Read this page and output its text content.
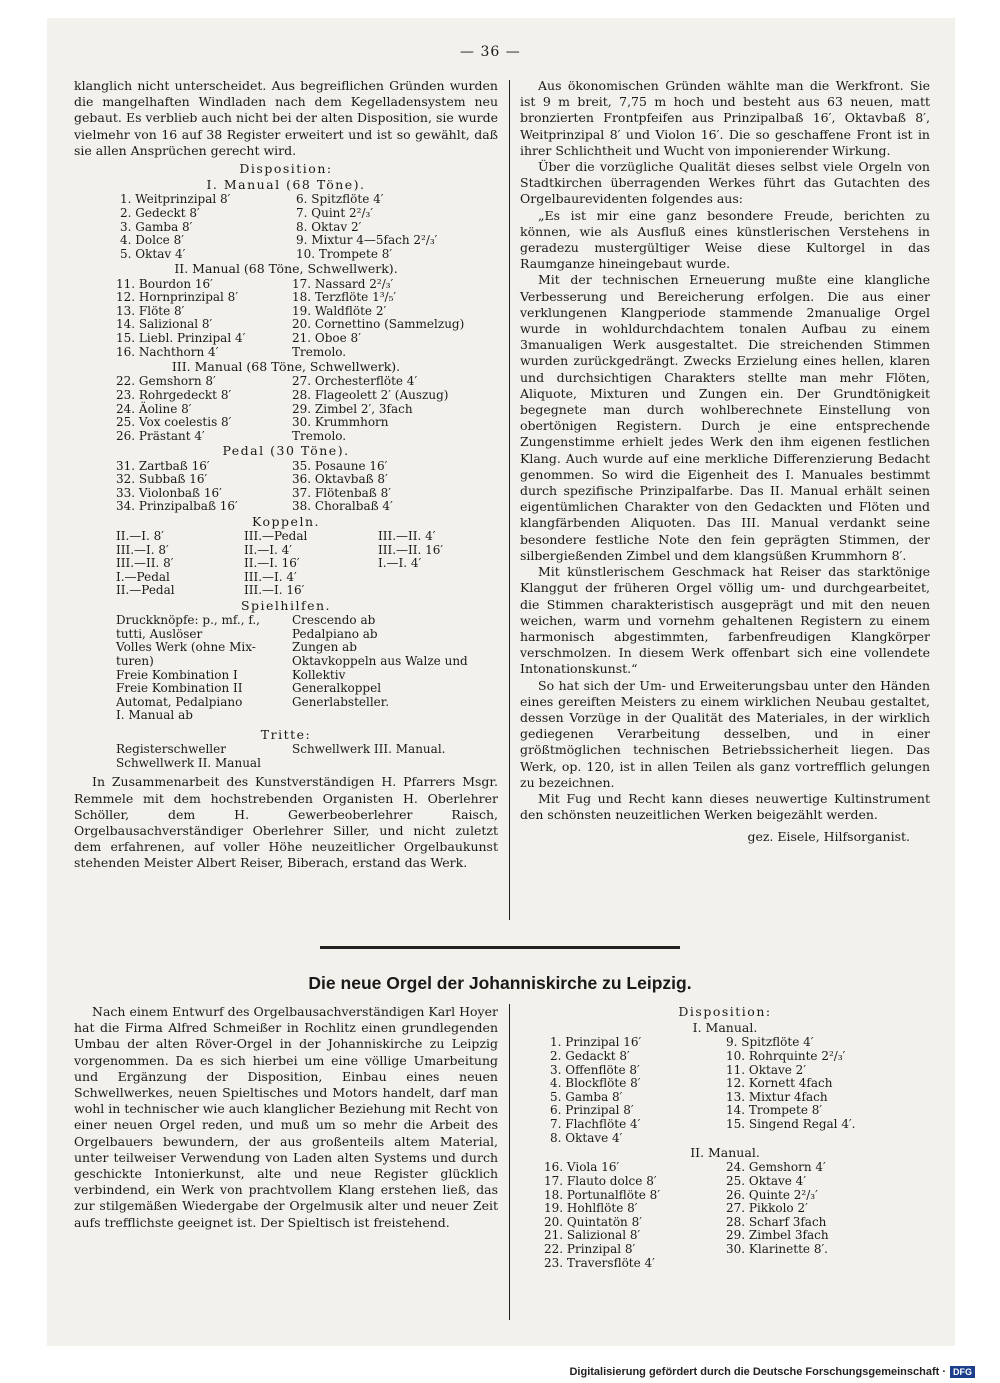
— 36 —

klanglich nicht unterscheidet. Aus begreiflichen Gründen wurden die mangelhaften Windladen nach dem Kegelladensystem neu gebaut. Es verblieb auch nicht bei der alten Disposition, sie wurde vielmehr von 16 auf 38 Register erweitert und ist so gewählt, daß sie allen Ansprüchen gerecht wird.

Disposition:
I. Manual (68 Töne).
1. Weitprinzipal 8′	6. Spitzflöte 4′
2. Gedeckt 8′	7. Quint 2²/₃′
3. Gamba 8′	8. Oktav 2′
4. Dolce 8′	9. Mixtur 4—5fach 2²/₃′
5. Oktav 4′	10. Trompete 8′
II. Manual (68 Töne, Schwellwerk).
11. Bourdon 16′	17. Nassard 2²/₃′
12. Hornprinzipal 8′	18. Terzflöte 1³/₅′
13. Flöte 8′	19. Waldflöte 2′
14. Salizional 8′	20. Cornettino (Sammelzug)
15. Liebl. Prinzipal 4′	21. Oboe 8′
16. Nachthorn 4′	Tremolo.
III. Manual (68 Töne, Schwellwerk).
22. Gemshorn 8′	27. Orchesterflöte 4′
23. Rohrgedeckt 8′	28. Flageolett 2′ (Auszug)
24. Äoline 8′	29. Zimbel 2′, 3fach
25. Vox coelestis 8′	30. Krummhorn
26. Prästant 4′	Tremolo.
Pedal (30 Töne).
31. Zartbaß 16′	35. Posaune 16′
32. Subbaß 16′	36. Oktavbaß 8′
33. Violonbaß 16′	37. Flötenbaß 8′
34. Prinzipalbaß 16′	38. Choralbaß 4′
Koppeln.
II.—I. 8′	III.—Pedal	III.—II. 4′
III.—I. 8′	II.—I. 4′	III.—II. 16′
III.—II. 8′	II.—I. 16′	I.—I. 4′
I.—Pedal	III.—I. 4′	
II.—Pedal	III.—I. 16′	
Spielhilfen.
Druckknöpfe: p., mf., f.,	Crescendo ab
tutti, Auslöser	Pedalpiano ab
Volles Werk (ohne Mix-	Zungen ab
turen)	Oktavkoppeln aus Walze und
Freie Kombination I	Kollektiv
Freie Kombination II	Generalkoppel
Automat, Pedalpiano	Generlabsteller.
I. Manual ab	
Tritte:
Registerschweller	Schwellwerk III. Manual.
Schwellwerk II. Manual	

In Zusammenarbeit des Kunstverständigen H. Pfarrers Msgr. Remmele mit dem hochstrebenden Organisten H. Oberlehrer Schöller, dem H. Gewerbeoberlehrer Raisch, Orgelbausachverständiger Oberlehrer Siller, und nicht zuletzt dem erfahrenen, auf voller Höhe neuzeitlicher Orgelbaukunst stehenden Meister Albert Reiser, Biberach, erstand das Werk.

Aus ökonomischen Gründen wählte man die Werkfront. Sie ist 9 m breit, 7,75 m hoch und besteht aus 63 neuen, matt bronzierten Frontpfeifen aus Prinzipalbaß 16′, Oktavbaß 8′, Weitprinzipal 8′ und Violon 16′. Die so geschaffene Front ist in ihrer Schlichtheit und Wucht von imponierender Wirkung.

Über die vorzügliche Qualität dieses selbst viele Orgeln von Stadtkirchen überragenden Werkes führt das Gutachten des Orgelbaurevidenten folgendes aus:

„Es ist mir eine ganz besondere Freude, berichten zu können, wie als Ausfluß eines künstlerischen Verstehens in geradezu mustergültiger Weise diese Kultorgel in das Raumganze hineingebaut wurde.

Mit der technischen Erneuerung mußte eine klangliche Verbesserung und Bereicherung erfolgen. Die aus einer verklungenen Klangperiode stammende 2manualige Orgel wurde in wohldurchdachtem tonalen Aufbau zu einem 3manualigen Werk ausgestaltet. Die streichenden Stimmen wurden zurückgedrängt. Zwecks Erzielung eines hellen, klaren und durchsichtigen Charakters stellte man mehr Flöten, Aliquote, Mixturen und Zungen ein. Der Grundtönigkeit begegnete man durch wohlberechnete Einstellung von obertönigen Registern. Durch je eine entsprechende Zungenstimme erhielt jedes Werk den ihm eigenen festlichen Klang. Auch wurde auf eine merkliche Differenzierung Bedacht genommen. So wird die Eigenheit des I. Manuales bestimmt durch spezifische Prinzipalfarbe. Das II. Manual erhält seinen eigentümlichen Charakter von den Gedackten und Flöten und klangfärbenden Aliquoten. Das III. Manual verdankt seine besondere festliche Note den fein geprägten Stimmen, der silbergießenden Zimbel und dem klangsüßen Krummhorn 8′.

Mit künstlerischem Geschmack hat Reiser das starktönige Klanggut der früheren Orgel völlig um- und durchgearbeitet, die Stimmen charakteristisch ausgeprägt und mit den neuen weichen, warm und vornehm gehaltenen Registern zu einem harmonisch abgestimmten, farbenfreudigen Klangkörper verschmolzen. In diesem Werk offenbart sich eine vollendete Intonationskunst.“

So hat sich der Um- und Erweiterungsbau unter den Händen eines gereiften Meisters zu einem wirklichen Neubau gestaltet, dessen Vorzüge in der Qualität des Materiales, in der wirklich gediegenen Verarbeitung desselben, und in einer größtmöglichen technischen Betriebssicherheit liegen. Das Werk, op. 120, ist in allen Teilen als ganz vortrefflich gelungen zu bezeichnen.

Mit Fug und Recht kann dieses neuwertige Kultinstrument den schönsten neuzeitlichen Werken beigezählt werden.

gez. Eisele, Hilfsorganist.

Die neue Orgel der Johanniskirche zu Leipzig.

Nach einem Entwurf des Orgelbausachverständigen Karl Hoyer hat die Firma Alfred Schmeißer in Rochlitz einen grundlegenden Umbau der alten Röver-Orgel in der Johanniskirche zu Leipzig vorgenommen. Da es sich hierbei um eine völlige Umarbeitung und Ergänzung der Disposition, Einbau eines neuen Schwellwerkes, neuen Spieltisches und Motors handelt, darf man wohl in technischer wie auch klanglicher Beziehung mit Recht von einer neuen Orgel reden, und muß um so mehr die Arbeit des Orgelbauers bewundern, der aus großenteils altem Material, unter teilweiser Verwendung von Laden alten Systems und durch geschickte Intonierkunst, alte und neue Register glücklich verbindend, ein Werk von prachtvollem Klang erstehen ließ, das zur stilgemäßen Wiedergabe der Orgelmusik alter und neuer Zeit aufs trefflichste geeignet ist. Der Spieltisch ist freistehend.

Disposition:
I. Manual.
1. Prinzipal 16′	9. Spitzflöte 4′
2. Gedackt 8′	10. Rohrquinte 2²/₃′
3. Offenflöte 8′	11. Oktave 2′
4. Blockflöte 8′	12. Kornett 4fach
5. Gamba 8′	13. Mixtur 4fach
6. Prinzipal 8′	14. Trompete 8′
7. Flachflöte 4′	15. Singend Regal 4′.
8. Oktave 4′	
II. Manual.
16. Viola 16′	24. Gemshorn 4′
17. Flauto dolce 8′	25. Oktave 4′
18. Portunalflöte 8′	26. Quinte 2²/₃′
19. Hohlflöte 8′	27. Pikkolo 2′
20. Quintatön 8′	28. Scharf 3fach
21. Salizional 8′	29. Zimbel 3fach
22. Prinzipal 8′	30. Klarinette 8′.
23. Traversflöte 4′	
Digitalisierung gefördert durch die Deutsche Forschungsgemeinschaft · DFG
